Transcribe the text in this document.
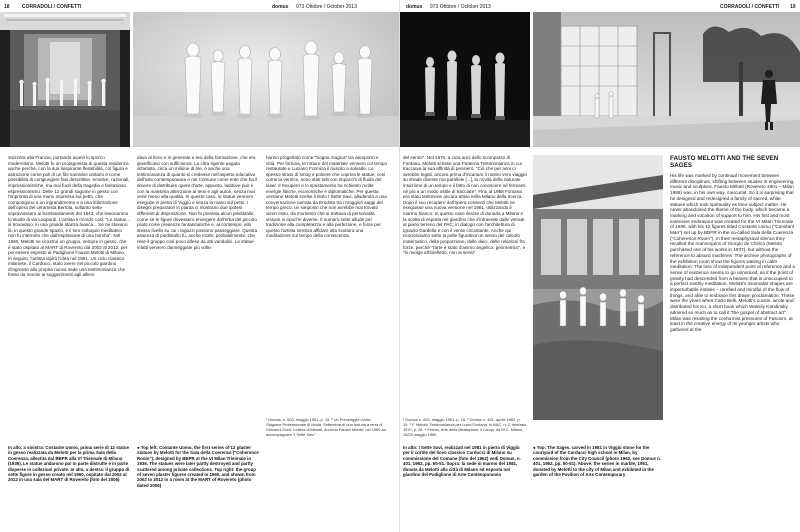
18 CORRADOLI / CONFETTI	domus 973 Ottobre / October 2013
Svizzera alla Francia, portando avanti lo sporco modernismo. Melotti fu un protagonista di questa residenza anche perché, con la sua luispirante flessibilità, col figura e astrazione come poli di un filo narrativo unitario e come possibilità di congiungere fasi descrittive, emotive, razionali, impressionistiche, ma mai fuori della tragedia e fantasioso espressionismo. Delle 12 grandi sagome in gesso con l'impronta di una mano impressa sul petto, che compongono a un ingrandimento e a una stilizzazione dell'opera del ceramista Bertoia, soltanto sette sopravvissero ai bombardamenti del 1943; che lesionarono lo studio di via Leopardi. L'artista li ricordò così: "Le statue... si trovavano, in una grande stanza bianca... Se ne stavano là, in questo grande spazio, e il loro colloquio meditativo non fu interrotto che dall'esplosione di una bomba". Nel 1960, Melotti ne ricostruì un gruppo, sempre in gesso, che è stato ospitato al MART di Rovereto dal 2002 al 2012, per poi essere esposto al Padiglione Fausto Melotti di Milano. In seguito, l'artista ispirò l'idea nel 1961. Un ciclo classico milanese, il Carducci, stato avere nel piccolo giardino d'ingresso alla propria nuova sede una testimonianza che fosse da monito ai suggerimenti agli allievi.
dava al liceo e in generale a tesi della formazione, che era giustificano con sufficienza. La citra rigente pagata all'artista, circa un milione di lire, è anche una testimonianza di quanto si credesse nell'aspetto educativo dell'arte contemporanea e nel Comune come ente che ha il dovere di distribuire opere d'arte, appunto, laddove può e con la massima attenzione ai temi e agli autori, senza mai venir meno alla qualità. In questo caso, le statue vennero eseguite in pietra di Viggiù e senza la mano sul petto. I disegni preparatori in pianta ci mostrano due ipotesi differenti di disposizione. Non fu prevista alcun piedistallo, come se le figure dovessero emergere dall'erba del piccolo prato come presenze fantasmatiche e, al contempo, allo stesso livello su cui i ragazzi possono passeggiare. Questa assenza di piedistallo fu, anche molto, probabilmente, che rese il gruppo così poco difeso da atti vandalici. Le statue infatti vennero danneggiate più volte.
hanno progettato come "Sogna magica" tra aeroporto e città. Per fortuna, le rotture del materiale vennero col tempo restaurate e Luciano Formica il riuscito a salvarle. Lo spesso strato di smog e polvere che copriva le statue, così come la vernice, sono stati tolti con impacchi di fluido del laser. Il recupero e lo spostamento ha richiesto molte energie fisiche, economiche e diplomatiche. Per questa versione Melotti scelse il titolo I Sette Savi, alludendo a una conversazione narrata da Erodoto tra i maggiori saggi del tempo greco: un simposio che non avrebbe mai trovato alcun esito, da momento che si trattava di personalità vissute in epoche diverse. Il numero sette allude per tradizione alla completezza e alla perfezione, e forse per questo l'artista sembra affidare alla scultura una meditazione sul tempo della conoscenza.
In alto, a sinistra: Costante Uomo, prima serie di 12 statue in gesso realizzata da Melotti per la prima Sala della Coerenza, allestita dal BBPR alla VI Triennale di Milano (1936). Le statue andarono poi in parte distrutte e in parte disperse in collezioni private. In alto, a destra: il gruppo di sette figure in gesso creato nel 1960, ospitato dal 2002 al 2012 in una sala del MART di Rovereto (foto del 2006)
● Top left: Costante Uomo, the first series of 12 plaster statues by Melotti for the Sala della Coerenza ("Coherence Room"), designed by BBPR at the VI Milan Triennale in 1936. The statues were later partly destroyed and partly scattered among private collections. Top right: the group of seven plaster figures created in 1960, and shown from 2002 to 2012 in a room at the MART of Rovereto (photo dated 2006)
¹ Domus, n. 603, maggio 1961, p. 15. ² Un Pomeriggio d'Arte: Stagione Professionale di Moda. Settembre di una fortuna a terra di Giovanni Zorzi. Lettera di Melotti, Archivio Fausto Melotti, nel 1960 ad accompagnare "I Sette Savi".
domus 973 Ottobre / October 2013	CORRADOLI / CONFETTI 19
del senso". Nel 1970, a cura anni dello scomparso di Fontana, Melotti scrisse una Patterna Testimonianza in cui tracciava la sua affinità di pensiero. "Ciò che per anni ci avrebbe legati, ancora prima d'incanare il nostro vero viaggio su strade diverse ma parallele [...], la novità della naturale intuizione di un tempo e il fatto di non conoscere né fermarsi né più a un modo ostile di tracciare". Fino al 1968 Fontana era stato testimone ancora attivo nella Milano della ricerca. Dopo il suo recupero dell'opera consentì che Melotti ne eseguisse una nuova versione nel 1981, utilizzando il marmo bianco. In questo caso decise di donarla a Milano e la scelta di esporla nel giardino che s'intravede dalle vetrate al piano terreno del PAC, in dialogo con l'architettura di Ignazio Gardella e con il verde circostante. Anche qui riconosciamo sotto la pelle figurativa un senso del calcolo matematico, della proporzione, delle dieci, delle relazioni fra forze, perché "l'arte è stato d'animo angelico, geometrico", e "si rivolge all'intelletto, non ai sensi".
FAUSTO MELOTTI AND THE SEVEN SAGES
His life was marked by continual movement between different disciplines, shifting between studies in engineering, music and sculpture. Fausto Melotti (Rovereto 1901 – Milan 1986) was, in his own way, mercurial. So it is surprising that he designed and redesigned a family of sacred, white statues which took spirituality as their subject matter. He never abandoned the theme of the body, which became a marking and vocation of support to him. His first and most extensive endeavour was created for the VI Milan Triennale of 1936, with his 12 figures titled Costante Uomo ("Constant Man") set up by BBPR in the so-called Sala della Coerenza ("Coherence Room"). In their metaphysical silence they recalled the mannequins of Giorgio de Chirico (Melotti purchased one of his works in 1937), but without the reference to absurd machines. The archive photographs of the exhibition room show the figures waiting in calm meditation. The loss of independent point of reference and a sense of existence seems to go unnoticed, as if the point of gravity had descended from a heaven that is unoccupied to a perfect earthly meditation. Melotti's minimalist shapes are imperturbable entities – rarefied and mindful of the flow of things, and able to embrace this drawn proclamation. These were the years when Carlo Belli, Melotti's cousin, wrote and distributed his Kn, a short book which Wassily Kandinsky admired so much as to call it "the gospel of abstract art". Milan was resisting the conformist pressures of Fascism, at least in the creative energy of its younger artists who gathered at the
In alto: I Sette Savi, realizzati nel 1981 in pietra di Viggiù per il cortile del liceo classico Carducci di Milano su commissione del Comune (foto del 1962) vedi Domus, n. 401, 1962, pp. 50-51. Sopra: la sede in marmo del 1981, donata da Melotti alla città di Milano ed esposta nel giardino del Padiglione di Arte Contemporanea
● Top: The Sages, carved in 1981 in Viggiù stone for the courtyard of the Carducci high school in Milan, by commission from the City Council (photo 1962, see Domus n. 401, 1962, pp. 50-51). Above: the series in marble, 1981, donated by Melotti to the city of Milan and exhibited in the garden of the Pavilion of Arts Contemporary
¹ Domus n. 603, maggio 1961, p. 15. ² Domus n. 401, aprile 1962, p. 19. ³ F. Melotti, Testimonianza per Lucio Fontana, in NAC, n. 2, febbraio 1970, p. 26. ⁴ Ferrari, Arte della Mediazione, il Lampi, da M.C. Milano, 13/25 maggio 1989.
